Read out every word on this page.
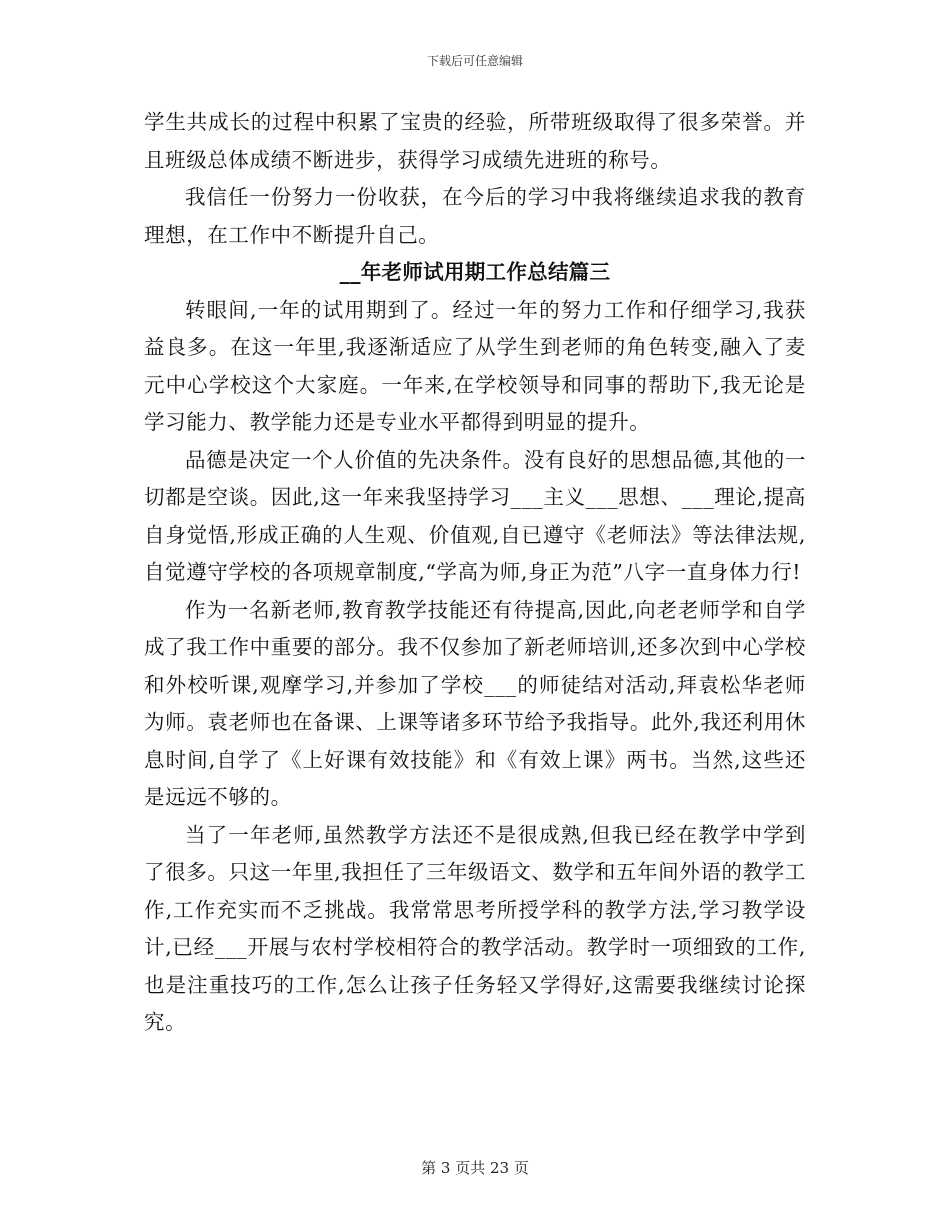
下载后可任意编辑

学生共成长的过程中积累了宝贵的经验，所带班级取得了很多荣誉。并且班级总体成绩不断进步，获得学习成绩先进班的称号。

我信任一份努力一份收获，在今后的学习中我将继续追求我的教育理想，在工作中不断提升自己。

__年老师试用期工作总结篇三

转眼间,一年的试用期到了。经过一年的努力工作和仔细学习,我获益良多。在这一年里,我逐渐适应了从学生到老师的角色转变,融入了麦元中心学校这个大家庭。一年来,在学校领导和同事的帮助下,我无论是学习能力、教学能力还是专业水平都得到明显的提升。

品德是决定一个人价值的先决条件。没有良好的思想品德,其他的一切都是空谈。因此,这一年来我坚持学习___主义___思想、___理论,提高自身觉悟,形成正确的人生观、价值观,自已遵守《老师法》等法律法规,自觉遵守学校的各项规章制度,“学高为师,身正为范”八字一直身体力行!

作为一名新老师,教育教学技能还有待提高,因此,向老老师学和自学成了我工作中重要的部分。我不仅参加了新老师培训,还多次到中心学校和外校听课,观摩学习,并参加了学校___的师徒结对活动,拜袁松华老师为师。袁老师也在备课、上课等诸多环节给予我指导。此外,我还利用休息时间,自学了《上好课有效技能》和《有效上课》两书。当然,这些还是远远不够的。

当了一年老师,虽然教学方法还不是很成熟,但我已经在教学中学到了很多。只这一年里,我担任了三年级语文、数学和五年间外语的教学工作,工作充实而不乏挑战。我常常思考所授学科的教学方法,学习教学设计,已经___开展与农村学校相符合的教学活动。教学时一项细致的工作,也是注重技巧的工作,怎么让孩子任务轻又学得好,这需要我继续讨论探究。

第 3 页共 23 页
